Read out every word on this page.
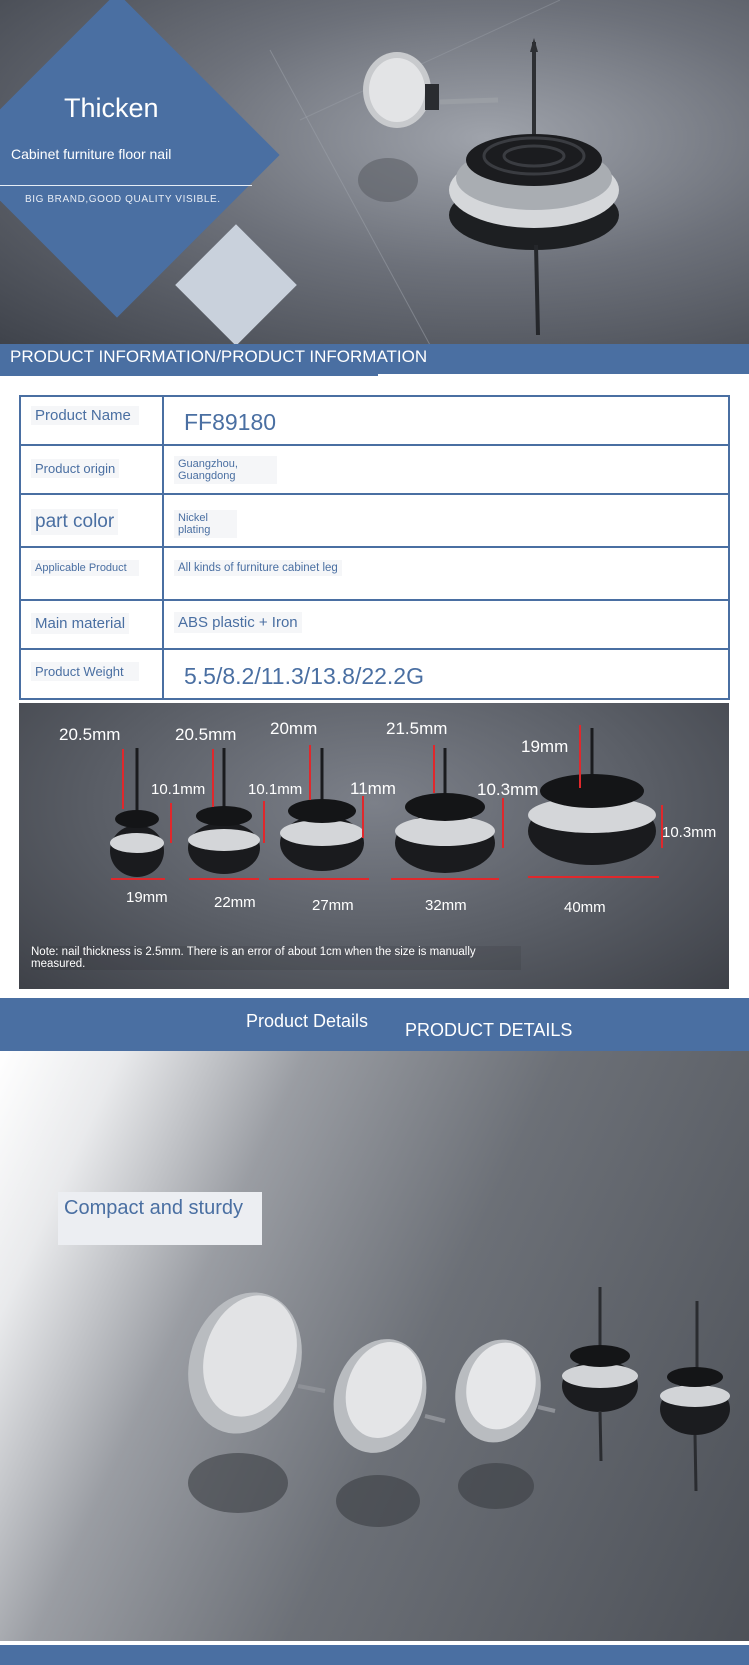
Thicken
Cabinet furniture floor nail
BIG BRAND,GOOD QUALITY VISIBLE.
PRODUCT INFORMATION/PRODUCT INFORMATION
Product Name	FF89180
Product origin	Guangzhou, Guangdong
part color	Nickel plating
Applicable Product	All kinds of furniture cabinet leg
Main material	ABS plastic + Iron
Product Weight	5.5/8.2/11.3/13.8/22.2G
20.5mm	20.5mm 20mm	21.5mm
19mm
10.1mm	10.1mm	11mm	10.3mm
10.3mm
19mm	22mm	27mm	32mm	40mm
Note: nail thickness is 2.5mm. There is an error of about 1cm when the size is manually measured.
Product Details PRODUCT DETAILS
Compact and sturdy
